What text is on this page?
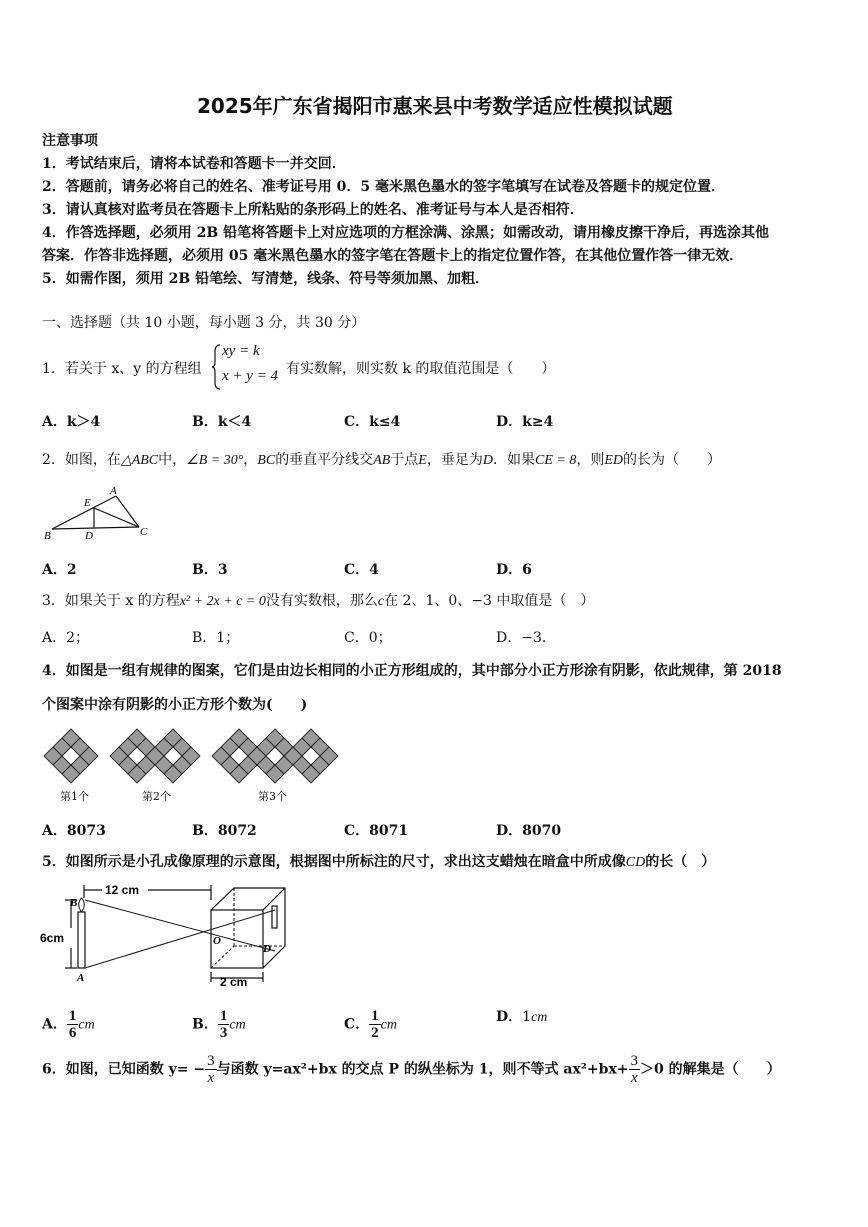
2025年广东省揭阳市惠来县中考数学适应性模拟试题
注意事项
1．考试结束后，请将本试卷和答题卡一并交回．
2．答题前，请务必将自己的姓名、准考证号用 0．5 毫米黑色墨水的签字笔填写在试卷及答题卡的规定位置．
3．请认真核对监考员在答题卡上所粘贴的条形码上的姓名、准考证号与本人是否相符．
4．作答选择题，必须用 2B 铅笔将答题卡上对应选项的方框涂满、涂黑；如需改动，请用橡皮擦干净后，再选涂其他
答案．作答非选择题，必须用 05 毫米黑色墨水的签字笔在答题卡上的指定位置作答，在其他位置作答一律无效．
5．如需作图，须用 2B 铅笔绘、写清楚，线条、符号等须加黑、加粗．
一、选择题（共 10 小题，每小题 3 分，共 30 分）
1．若关于 x、y 的方程组
xy = k
x + y = 4 有实数解，则实数 k 的取值范围是（　　）
A．k＞4	B．k＜4	C．k≤4	D．k≥4
2．如图，在△ABC中，∠B = 30°，BC的垂直平分线交AB于点E，垂足为D．如果CE = 8，则ED的长为（　　）
A
E
B	D	C
A．2	B．3	C．4	D．6
3．如果关于 x 的方程x² + 2x + c = 0没有实数根，那么c在 2、1、0、−3 中取值是（　）
A．2；	B．1；	C．0；	D．−3．
4．如图是一组有规律的图案，它们是由边长相同的小正方形组成的，其中部分小正方形涂有阴影，依此规律，第 2018
个图案中涂有阴影的小正方形个数为(　　)
第1个	第2个	第3个
A．8073	B．8072	C．8071	D．8070
5．如图所示是小孔成像原理的示意图，根据图中所标注的尺寸，求出这支蜡烛在暗盒中所成像CD的长（　）
12 cm
6cm
B
A
O
D
2 cm
A． $\frac{1}{6}$ cm	B． $\frac{1}{3}$ cm	C． $\frac{1}{2}$ cm	D．1cm
6．如图，已知函数 $y= - \frac{3}{x}$ 与函数 y=ax²+bx 的交点 P 的纵坐标为 1，则不等式 $ax^2+bx+ \frac{3}{x} >0$ 的解集是（　　）
